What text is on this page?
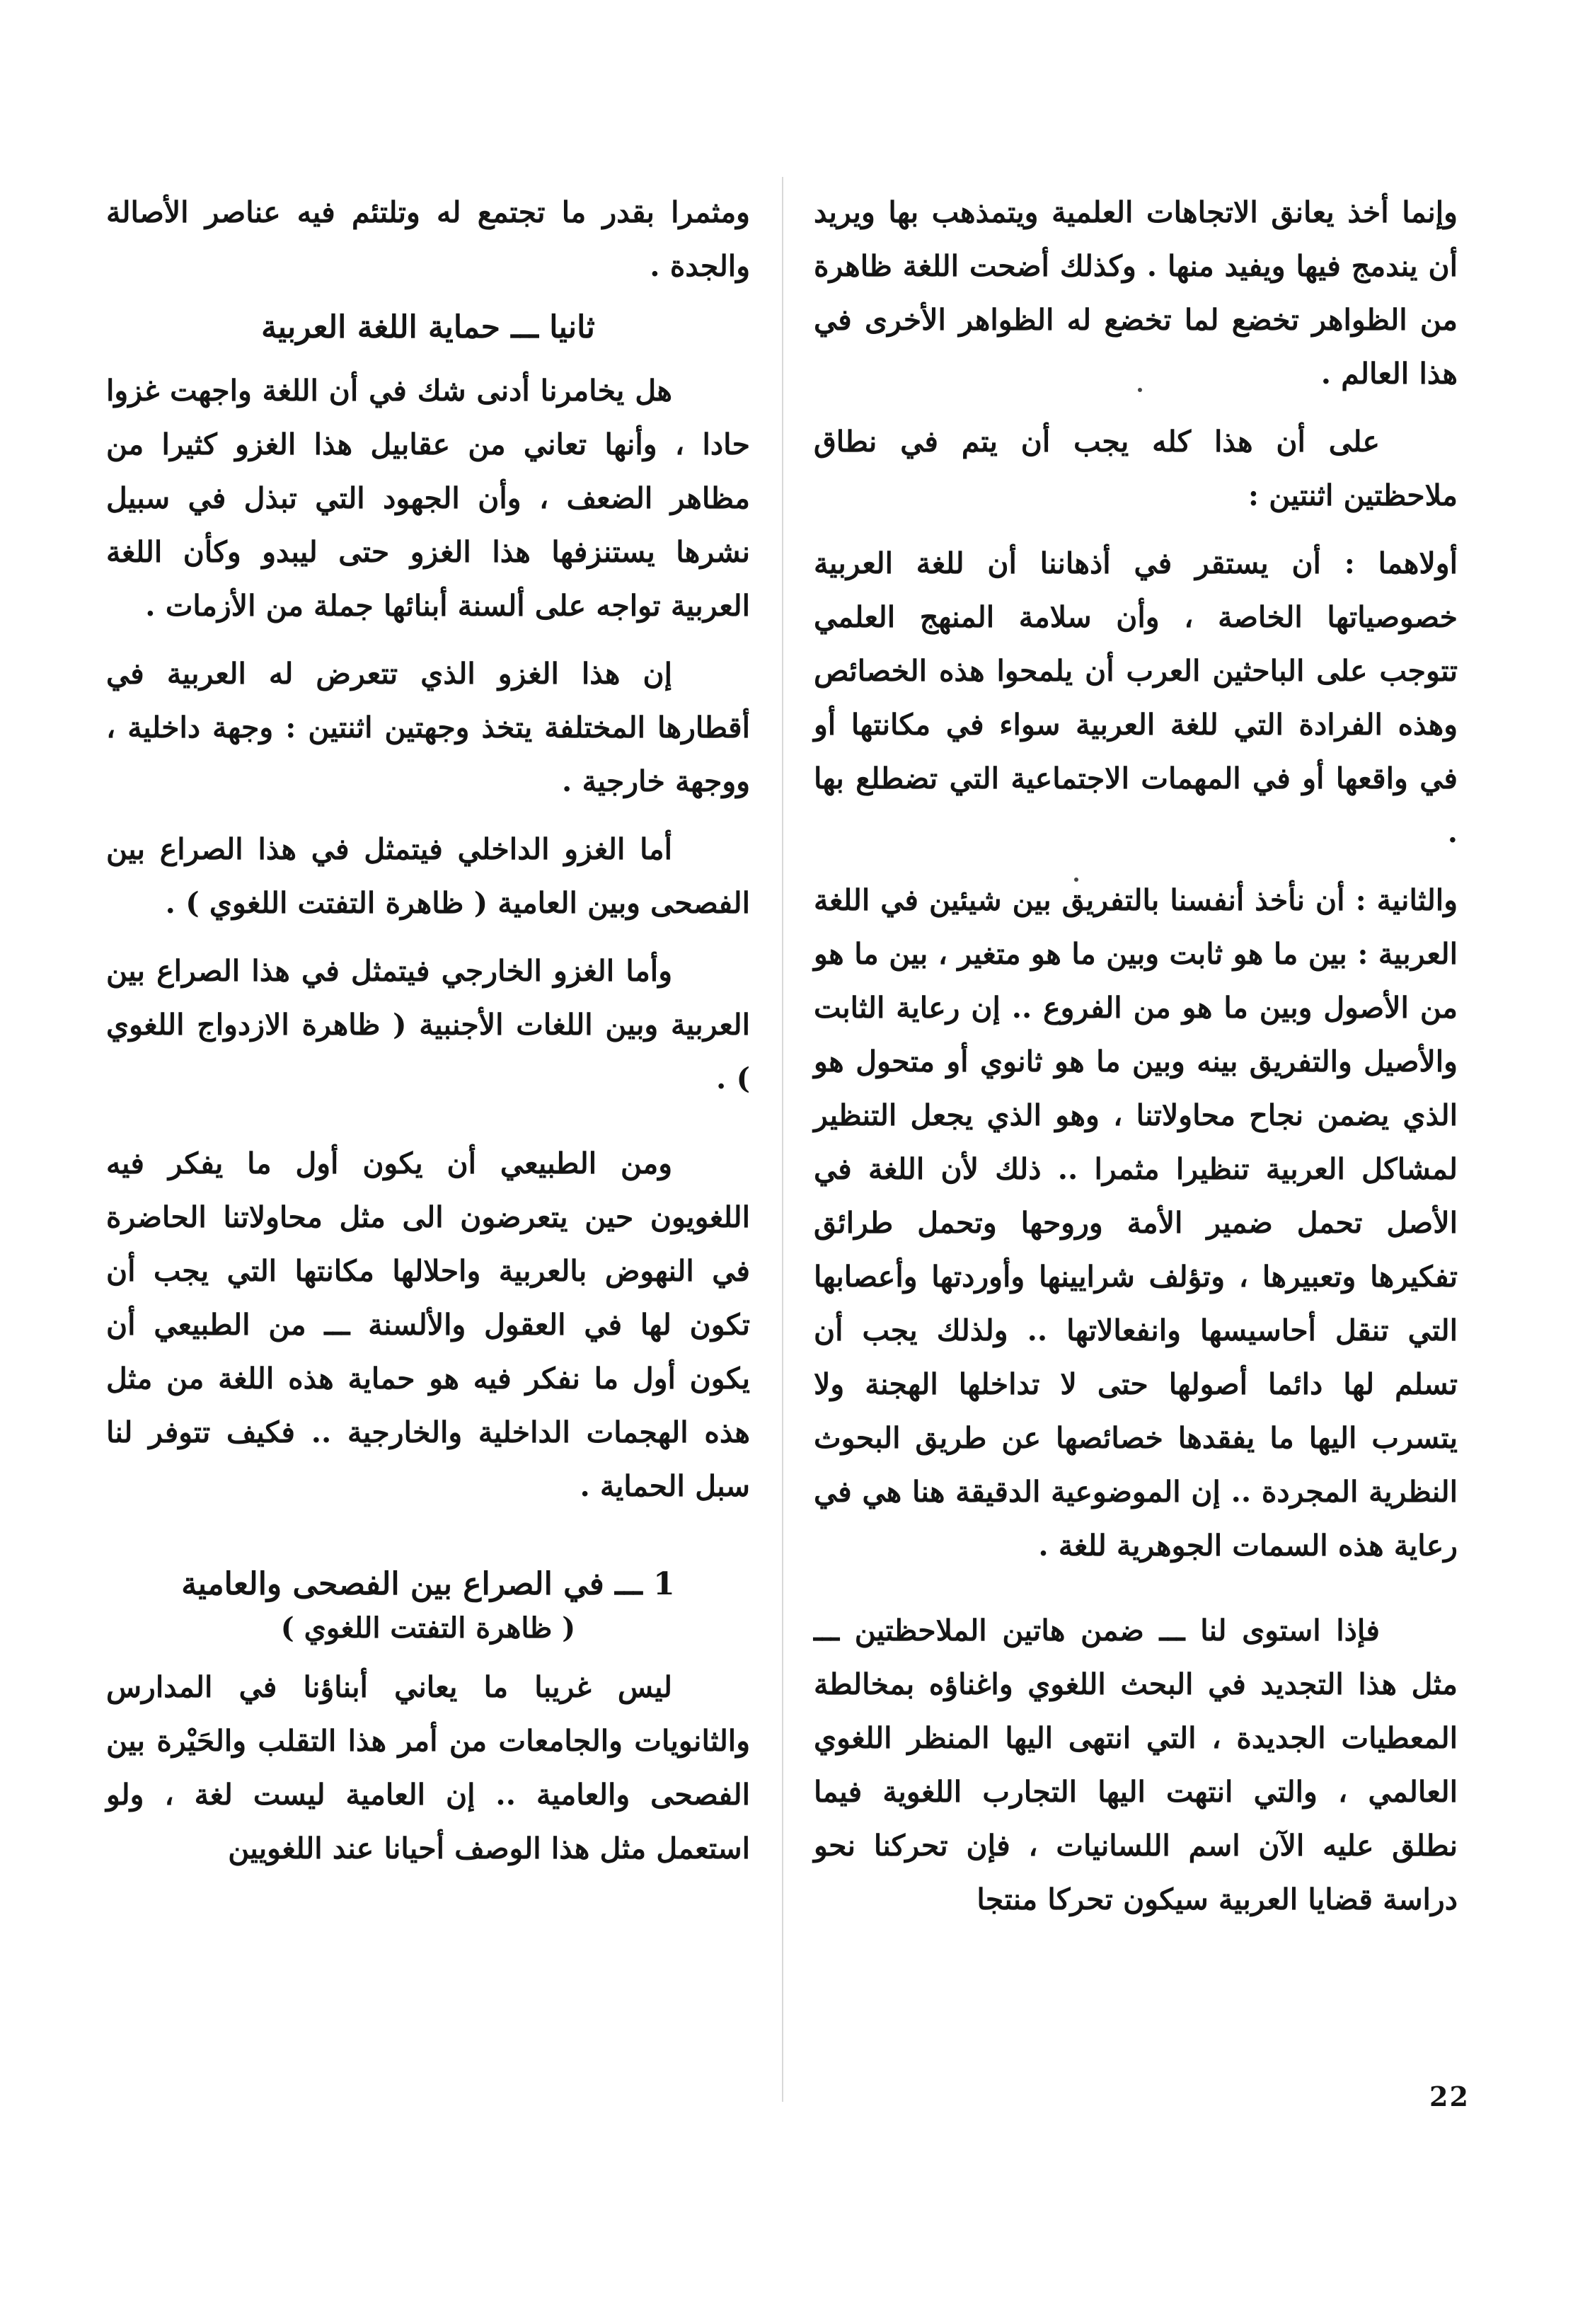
وإنما أخذ يعانق الاتجاهات العلمية ويتمذهب بها ويريد أن يندمج فيها ويفيد منها . وكذلك أضحت اللغة ظاهرة من الظواهر تخضع لما تخضع له الظواهر الأخرى في هذا العالم .

على أن هذا كله يجب أن يتم في نطاق ملاحظتين اثنتين :

أولاهما : أن يستقر في أذهاننا أن للغة العربية خصوصياتها الخاصة ، وأن سلامة المنهج العلمي تتوجب على الباحثين العرب أن يلمحوا هذه الخصائص وهذه الفرادة التي للغة العربية سواء في مكانتها أو في واقعها أو في المهمات الاجتماعية التي تضطلع بها .

والثانية : أن نأخذ أنفسنا بالتفريق بين شيئين في اللغة العربية : بين ما هو ثابت وبين ما هو متغير ، بين ما هو من الأصول وبين ما هو من الفروع .. إن رعاية الثابت والأصيل والتفريق بينه وبين ما هو ثانوي أو متحول هو الذي يضمن نجاح محاولاتنا ، وهو الذي يجعل التنظير لمشاكل العربية تنظيرا مثمرا .. ذلك لأن اللغة في الأصل تحمل ضمير الأمة وروحها وتحمل طرائق تفكيرها وتعبيرها ، وتؤلف شرايينها وأوردتها وأعصابها التي تنقل أحاسيسها وانفعالاتها .. ولذلك يجب أن تسلم لها دائما أصولها حتى لا تداخلها الهجنة ولا يتسرب اليها ما يفقدها خصائصها عن طريق البحوث النظرية المجردة .. إن الموضوعية الدقيقة هنا هي في رعاية هذه السمات الجوهرية للغة .

فإذا استوى لنا ـــ ضمن هاتين الملاحظتين ـــ مثل هذا التجديد في البحث اللغوي واغناؤه بمخالطة المعطيات الجديدة ، التي انتهى اليها المنظر اللغوي العالمي ، والتي انتهت اليها التجارب اللغوية فيما نطلق عليه الآن اسم اللسانيات ، فإن تحركنا نحو دراسة قضايا العربية سيكون تحركا منتجا

ومثمرا بقدر ما تجتمع له وتلتئم فيه عناصر الأصالة والجدة .

ثانيا ـــ حماية اللغة العربية

هل يخامرنا أدنى شك في أن اللغة واجهت غزوا حادا ، وأنها تعاني من عقابيل هذا الغزو كثيرا من مظاهر الضعف ، وأن الجهود التي تبذل في سبيل نشرها يستنزفها هذا الغزو حتى ليبدو وكأن اللغة العربية تواجه على ألسنة أبنائها جملة من الأزمات .

إن هذا الغزو الذي تتعرض له العربية في أقطارها المختلفة يتخذ وجهتين اثنتين : وجهة داخلية ، ووجهة خارجية .

أما الغزو الداخلي فيتمثل في هذا الصراع بين الفصحى وبين العامية ( ظاهرة التفتت اللغوي ) .

وأما الغزو الخارجي فيتمثل في هذا الصراع بين العربية وبين اللغات الأجنبية ( ظاهرة الازدواج اللغوي ) .

ومن الطبيعي أن يكون أول ما يفكر فيه اللغويون حين يتعرضون الى مثل محاولاتنا الحاضرة في النهوض بالعربية واحلالها مكانتها التي يجب أن تكون لها في العقول والألسنة ـــ من الطبيعي أن يكون أول ما نفكر فيه هو حماية هذه اللغة من مثل هذه الهجمات الداخلية والخارجية .. فكيف تتوفر لنا سبل الحماية .

1 ـــ في الصراع بين الفصحى والعامية
( ظاهرة التفتت اللغوي )

ليس غريبا ما يعاني أبناؤنا في المدارس والثانويات والجامعات من أمر هذا التقلب والحَيْرة بين الفصحى والعامية .. إن العامية ليست لغة ، ولو استعمل مثل هذا الوصف أحيانا عند اللغويين

22
